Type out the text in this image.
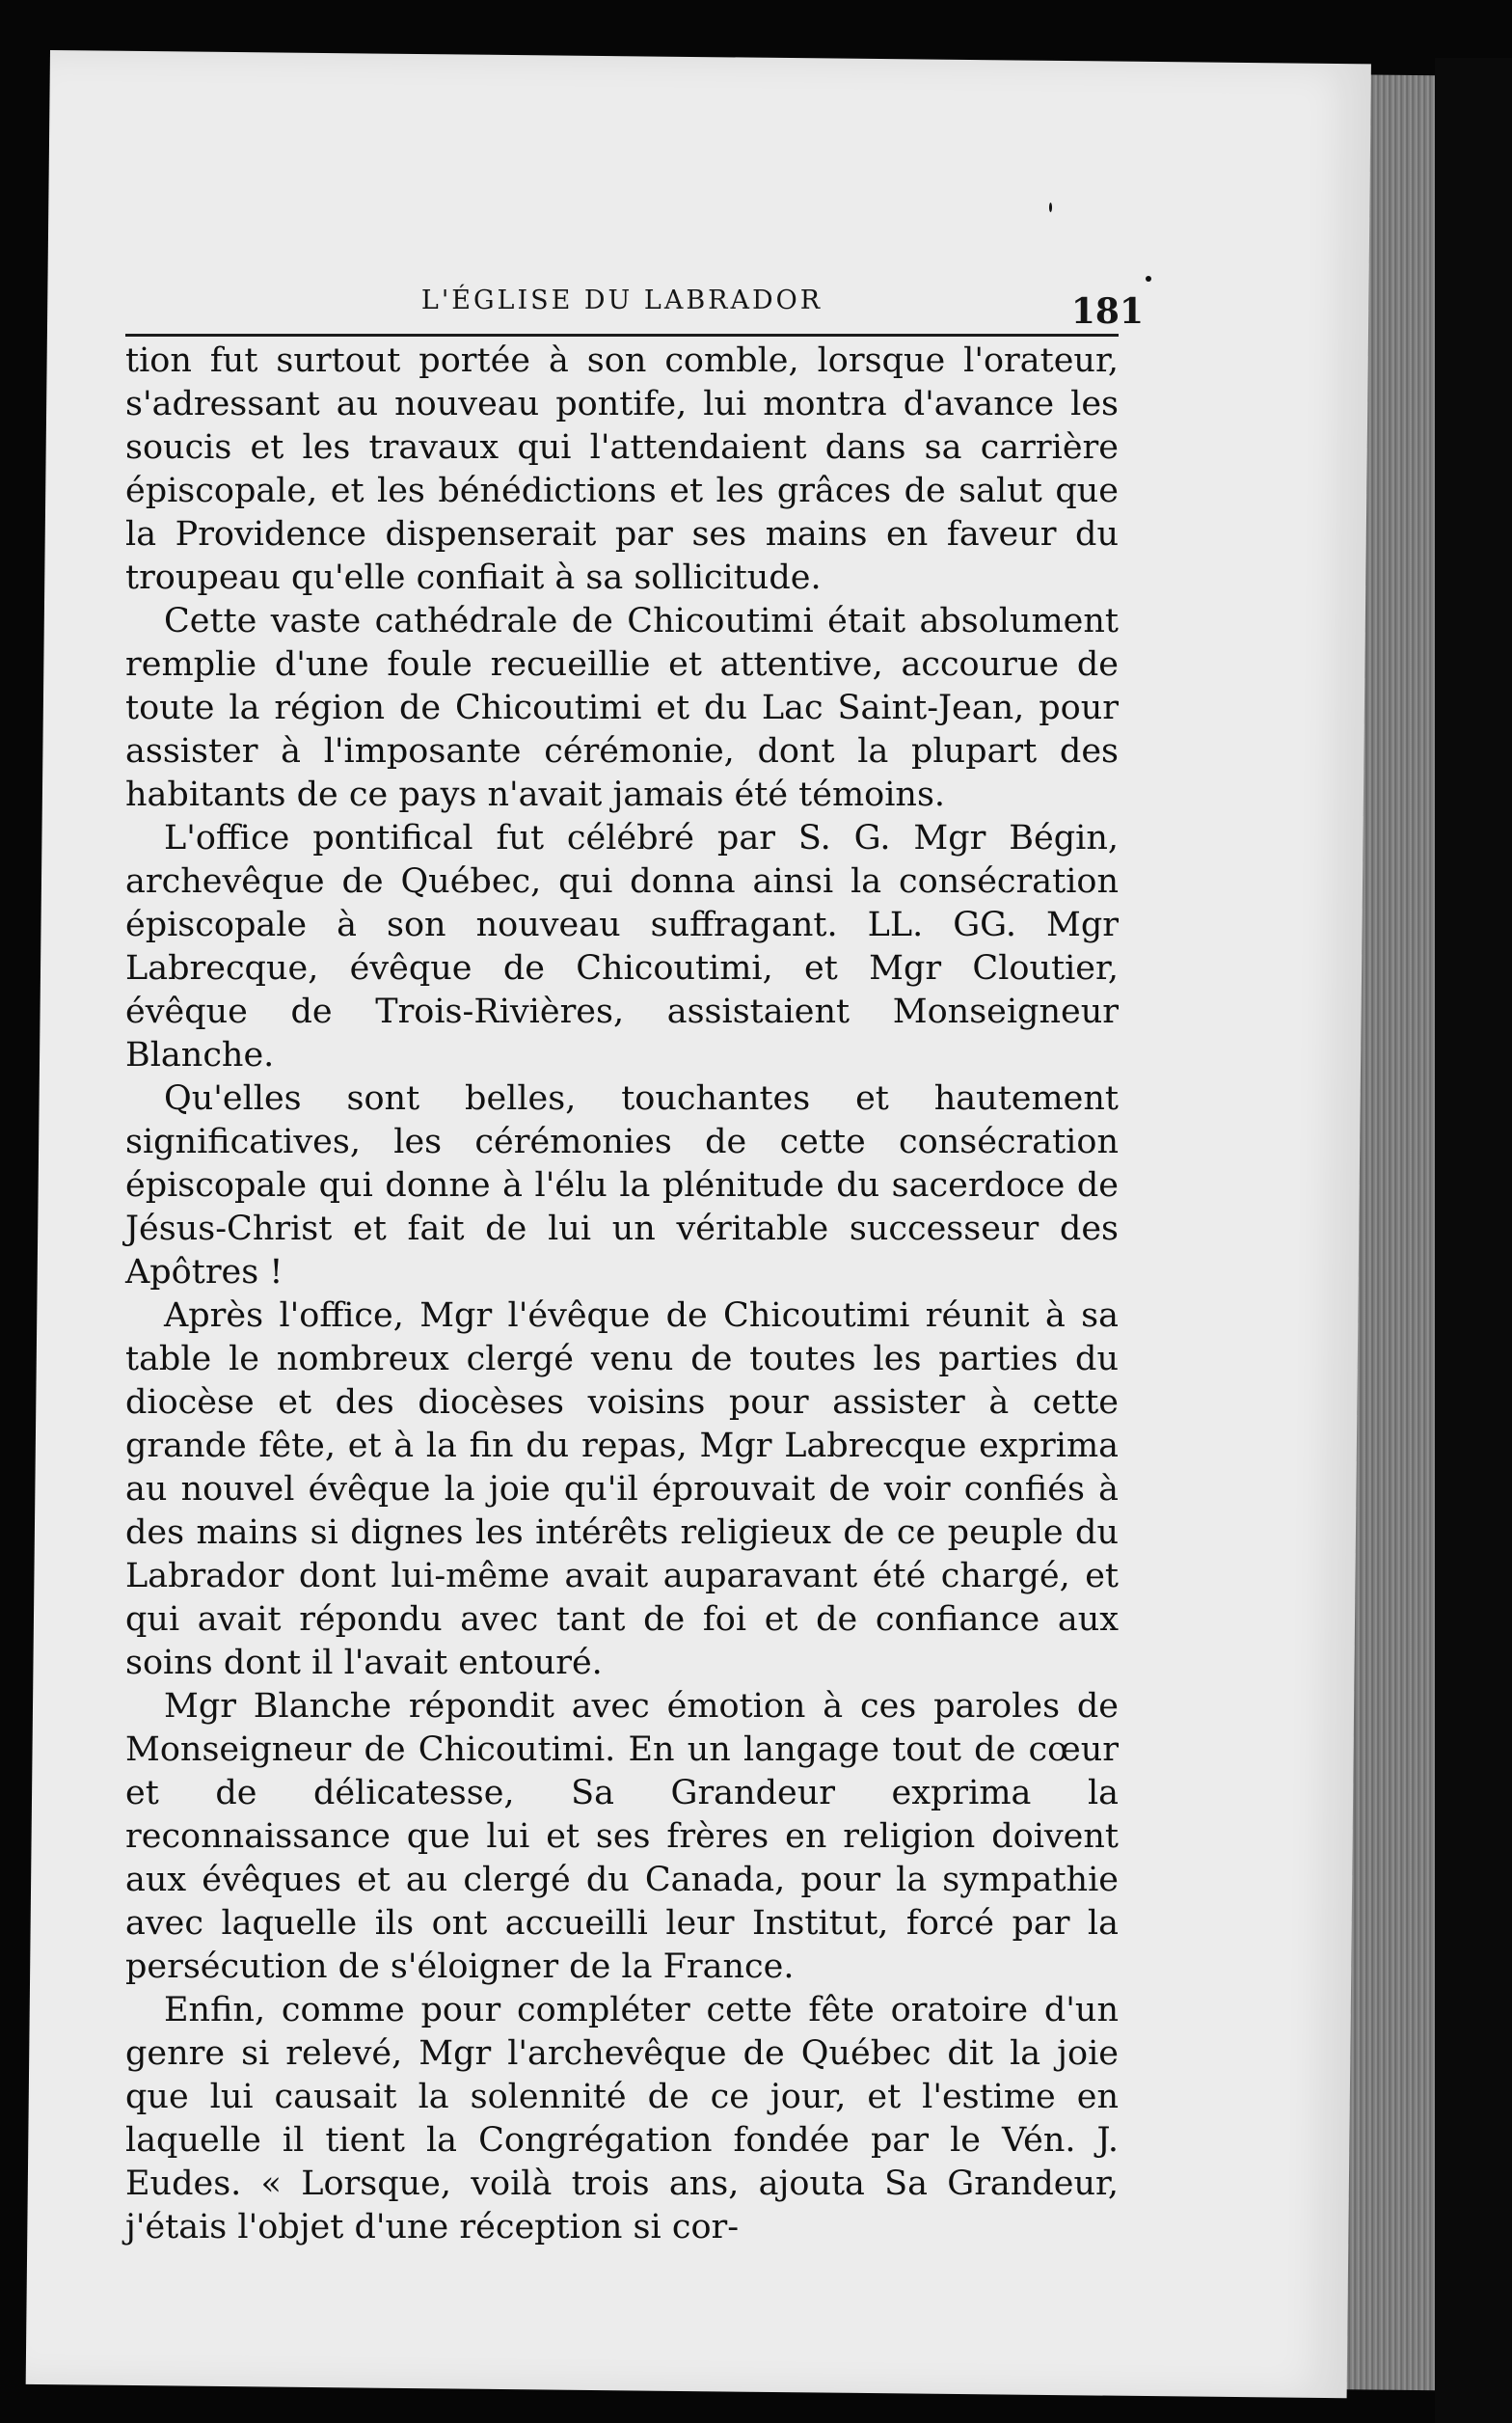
L'ÉGLISE DU LABRADOR	181

tion fut surtout portée à son comble, lorsque l'orateur, s'adressant au nouveau pontife, lui montra d'avance les soucis et les travaux qui l'attendaient dans sa carrière épiscopale, et les bénédictions et les grâces de salut que la Providence dispenserait par ses mains en faveur du troupeau qu'elle confiait à sa sollicitude.

Cette vaste cathédrale de Chicoutimi était absolument remplie d'une foule recueillie et attentive, accourue de toute la région de Chicoutimi et du Lac Saint-Jean, pour assister à l'imposante cérémonie, dont la plupart des habitants de ce pays n'avait jamais été témoins.

L'office pontifical fut célébré par S. G. Mgr Bégin, archevêque de Québec, qui donna ainsi la consécration épiscopale à son nouveau suffragant. LL. GG. Mgr Labrecque, évêque de Chicoutimi, et Mgr Cloutier, évêque de Trois-Rivières, assistaient Monseigneur Blanche.

Qu'elles sont belles, touchantes et hautement significatives, les cérémonies de cette consécration épiscopale qui donne à l'élu la plénitude du sacerdoce de Jésus-Christ et fait de lui un véritable successeur des Apôtres !

Après l'office, Mgr l'évêque de Chicoutimi réunit à sa table le nombreux clergé venu de toutes les parties du diocèse et des diocèses voisins pour assister à cette grande fête, et à la fin du repas, Mgr Labrecque exprima au nouvel évêque la joie qu'il éprouvait de voir confiés à des mains si dignes les intérêts religieux de ce peuple du Labrador dont lui-même avait auparavant été chargé, et qui avait répondu avec tant de foi et de confiance aux soins dont il l'avait entouré.

Mgr Blanche répondit avec émotion à ces paroles de Monseigneur de Chicoutimi. En un langage tout de cœur et de délicatesse, Sa Grandeur exprima la reconnaissance que lui et ses frères en religion doivent aux évêques et au clergé du Canada, pour la sympathie avec laquelle ils ont accueilli leur Institut, forcé par la persécution de s'éloigner de la France.

Enfin, comme pour compléter cette fête oratoire d'un genre si relevé, Mgr l'archevêque de Québec dit la joie que lui causait la solennité de ce jour, et l'estime en laquelle il tient la Congrégation fondée par le Vén. J. Eudes. « Lorsque, voilà trois ans, ajouta Sa Grandeur, j'étais l'objet d'une réception si cor-
